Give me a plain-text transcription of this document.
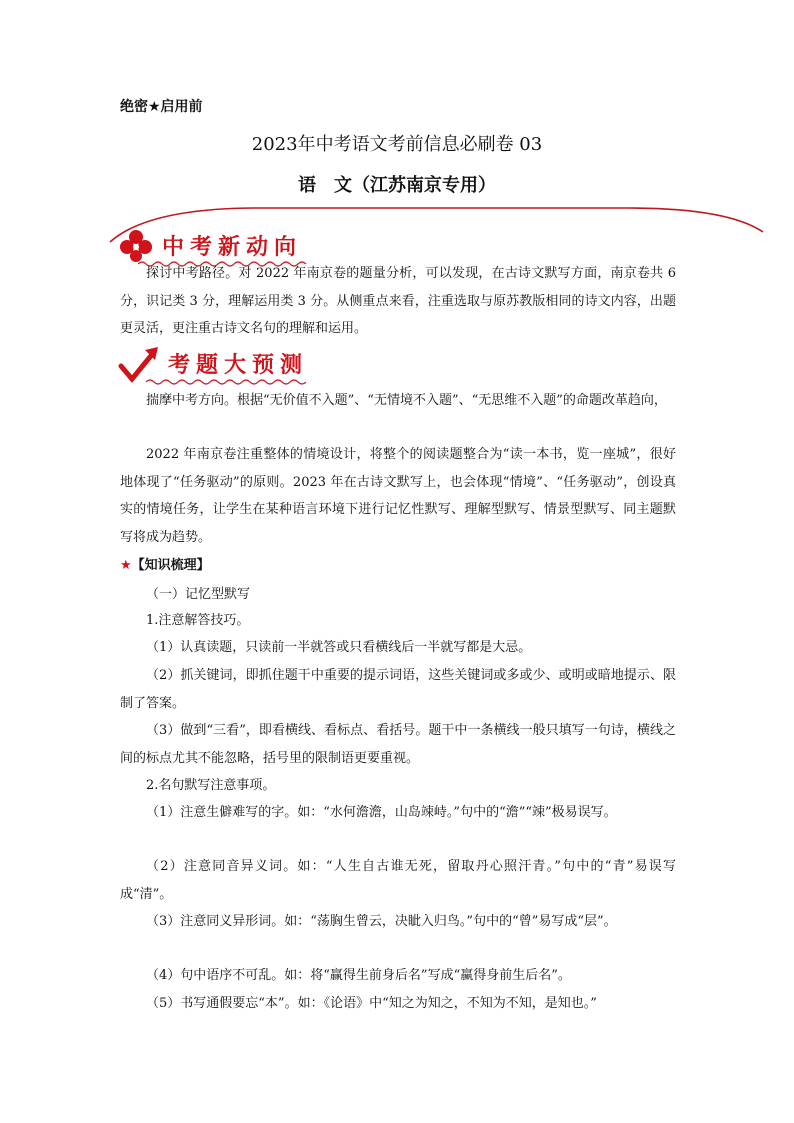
绝密★启用前
2023年中考语文考前信息必刷卷 03
语　文（江苏南京专用）
中考新动向

探讨中考路径。对 2022 年南京卷的题量分析，可以发现，在古诗文默写方面，南京卷共 6 分，识记类 3 分，理解运用类 3 分。从侧重点来看，注重选取与原苏教版相同的诗文内容，出题更灵活，更注重古诗文名句的理解和运用。

考题大预测

揣摩中考方向。根据“无价值不入题”、“无情境不入题”、“无思维不入题”的命题改革趋向，

2022 年南京卷注重整体的情境设计，将整个的阅读题整合为“读一本书，览一座城”，很好地体现了“任务驱动”的原则。2023 年在古诗文默写上，也会体现“情境”、“任务驱动”，创设真实的情境任务，让学生在某种语言环境下进行记忆性默写、理解型默写、情景型默写、同主题默写将成为趋势。

★【知识梳理】

（一）记忆型默写

1.注意解答技巧。

（1）认真读题，只读前一半就答或只看横线后一半就写都是大忌。

（2）抓关键词，即抓住题干中重要的提示词语，这些关键词或多或少、或明或暗地提示、限制了答案。

（3）做到“三看”，即看横线、看标点、看括号。题干中一条横线一般只填写一句诗，横线之间的标点尤其不能忽略，括号里的限制语更要重视。

2.名句默写注意事项。

（1）注意生僻难写的字。如：“水何澹澹，山岛竦峙。”句中的“澹”“竦”极易误写。

（2）注意同音异义词。如：“人生自古谁无死，留取丹心照汗青。”句中的“青”易误写成“清”。

（3）注意同义异形词。如：“荡胸生曾云，决眦入归鸟。”句中的“曾”易写成“层”。

（4）句中语序不可乱。如：将“赢得生前身后名”写成“赢得身前生后名”。

（5）书写通假要忘“本”。如：《论语》中“知之为知之，不知为不知，是知也。”
